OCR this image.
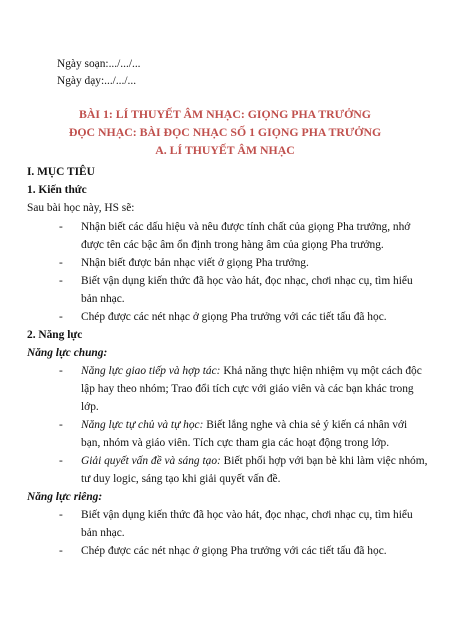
Ngày soạn:.../.../...
Ngày dạy:.../.../...
BÀI 1: LÍ THUYẾT ÂM NHẠC: GIỌNG PHA TRƯỞNG
ĐỌC NHẠC: BÀI ĐỌC NHẠC SỐ 1 GIỌNG PHA TRƯỞNG
A. LÍ THUYẾT ÂM NHẠC
I. MỤC TIÊU
1. Kiến thức
Sau bài học này, HS sẽ:
- Nhận biết các dấu hiệu và nêu được tính chất của giọng Pha trưởng, nhớ
được tên các bậc âm ổn định trong hàng âm của giọng Pha trưởng.
- Nhận biết được bản nhạc viết ở giọng Pha trưởng.
- Biết vận dụng kiến thức đã học vào hát, đọc nhạc, chơi nhạc cụ, tìm hiểu
bản nhạc.
- Chép được các nét nhạc ở giọng Pha trưởng với các tiết tấu đã học.
2. Năng lực
Năng lực chung:
- Năng lực giao tiếp và hợp tác: Khả năng thực hiện nhiệm vụ một cách độc
lập hay theo nhóm; Trao đổi tích cực với giáo viên và các bạn khác trong
lớp.
- Năng lực tự chủ và tự học: Biết lắng nghe và chia sẻ ý kiến cá nhân với
bạn, nhóm và giáo viên. Tích cực tham gia các hoạt động trong lớp.
- Giải quyết vấn đề và sáng tạo: Biết phối hợp với bạn bè khi làm việc nhóm,
tư duy logic, sáng tạo khi giải quyết vấn đề.
Năng lực riêng:
- Biết vận dụng kiến thức đã học vào hát, đọc nhạc, chơi nhạc cụ, tìm hiểu
bản nhạc.
- Chép được các nét nhạc ở giọng Pha trưởng với các tiết tấu đã học.
